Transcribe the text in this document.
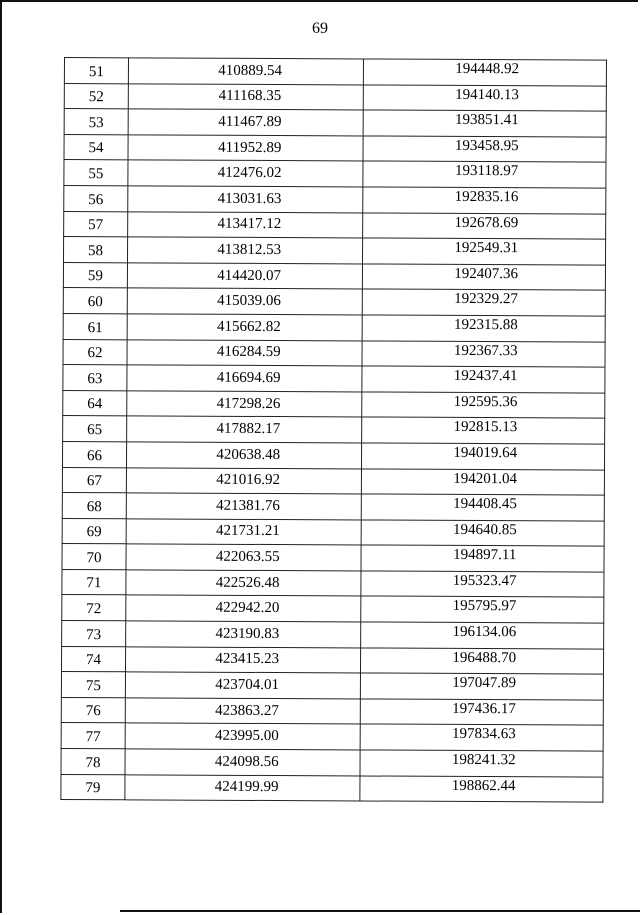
69
51	410889.54	194448.92
52	411168.35	194140.13
53	411467.89	193851.41
54	411952.89	193458.95
55	412476.02	193118.97
56	413031.63	192835.16
57	413417.12	192678.69
58	413812.53	192549.31
59	414420.07	192407.36
60	415039.06	192329.27
61	415662.82	192315.88
62	416284.59	192367.33
63	416694.69	192437.41
64	417298.26	192595.36
65	417882.17	192815.13
66	420638.48	194019.64
67	421016.92	194201.04
68	421381.76	194408.45
69	421731.21	194640.85
70	422063.55	194897.11
71	422526.48	195323.47
72	422942.20	195795.97
73	423190.83	196134.06
74	423415.23	196488.70
75	423704.01	197047.89
76	423863.27	197436.17
77	423995.00	197834.63
78	424098.56	198241.32
79	424199.99	198862.44
